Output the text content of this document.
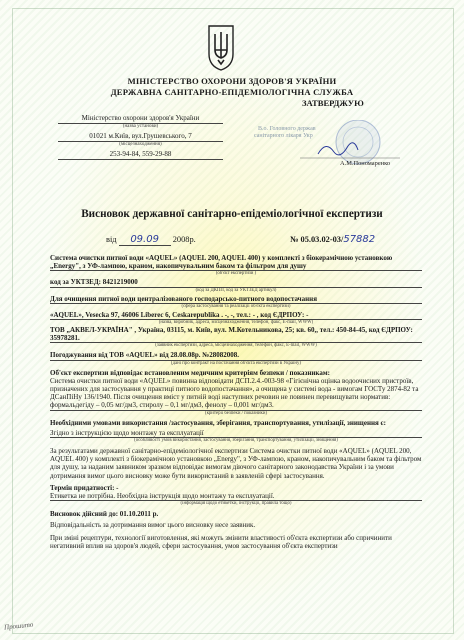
МІНІСТЕРСТВО ОХОРОНИ ЗДОРОВ'Я УКРАЇНИ
ДЕРЖАВНА САНІТАРНО-ЕПІДЕМІОЛОГІЧНА СЛУЖБА
Міністерство охорони здоров'я України
(назва установи)
01021 м.Київ, вул.Грушевського, 7
(місцезнаходження)
253-94-84, 559-29-88
ЗАТВЕРДЖУЮ
В.о. Головного держав
санітарного лікаря Укр
А.М.Пономаренко
Висновок державної санітарно-епідеміологічної експертизи
від 09.09 2008р.	№ 05.03.02-03/57882
Система очистки питної води «AQUEL» (AQUEL 200, AQUEL 400) у комплекті з біокерамічною установкою „Energy", з УФ-лампою, краном, накопичувальним баком та фільтром для душу
(об'єкт експертизи )
код за УКТЗЕД: 8421219000
(код за ДКПП, код за УКТЗЕД артикул)
Для очищення питної води централізованого господарсько-питного водопостачання
(сфера застосування та реалізації об'єкта експертизи)
«AQUEL», Vesecka 97, 46006 Liberec 6, Ceskarepublika . -, -, тел.: - , код ЄДРПОУ: -
(назва, виробник, адреса, місцезнаходження, телефон, факс, E-mail, WWW)
ТОВ „АКВЕЛ-УКРАЇНА" , Україна, 03115, м. Київ, вул. М.Котельникова, 25; кв. 60,, тел.: 450-84-45, код ЄДРПОУ: 35978281.
(заявник експертизи, адреса, місцезнаходження, телефон, факс, E-mail, WWW)
Погоджування від ТОВ «AQUEL» від 28.08.08р. №28082008.
(дані про контракт на постачання об'єкта експертизи в Україну)
Об'єкт експертизи відповідає встановленим медичним критеріям безпеки / показникам:
Система очистки питної води «AQUEL» повинна відповідати ДСП.2.4.-003-98 «Гігієнічна оцінка водоочисних пристроїв, призначених для застосування у практиці питного водопостачання», а очищена у системі вода - вимогам ГОСТу 2874-82 та ДСанПіНу 136/1940. Після очищення вміст у питній воді наступних речовин не повинен перевищувати норматив: формальдегіду – 0,05 мг/дм3, стиролу – 0,1 мг/дм3, фенолу – 0,001 мг/дм3.
(критерії безпеки / показники)
Необхідними умовами використання /застосування, зберігання, транспортування, утилізації, знищення є:
Згідно з інструкцією щодо монтажу та експлуатації
(особливості умов використання, застосування, зберігання, транспортування, утилізації, знищення)
За результатами державної санітарно-епідеміологічної експертизи Система очистки питної води «AQUEL» (AQUEL 200, AQUEL 400) у комплекті з біокерамічною установкою „Energy", з УФ-лампою, краном, накопичувальним баком та фільтром для душу, за наданим заявником зразком відповідає вимогам діючого санітарного законодавства України і за умови дотримання вимог цього висновку може бути використаний в заявленій сфері застосування.
Термін придатності: -
Етикетка не потрібна. Необхідна інструкція щодо монтажу та експлуатації.
(інформація щодо етикетки, інструкції, правила тощо)
Висновок дійсний до: 01.10.2011 р.
Відповідальність за дотримання вимог цього висновку несе заявник.
При зміні рецептури, технології виготовлення, які можуть змінити властивості об'єкта експертизи або спричинити негативний вплив на здоров'я людей, сфери застосування, умов застосування об'єкта експертизи
Прошито
